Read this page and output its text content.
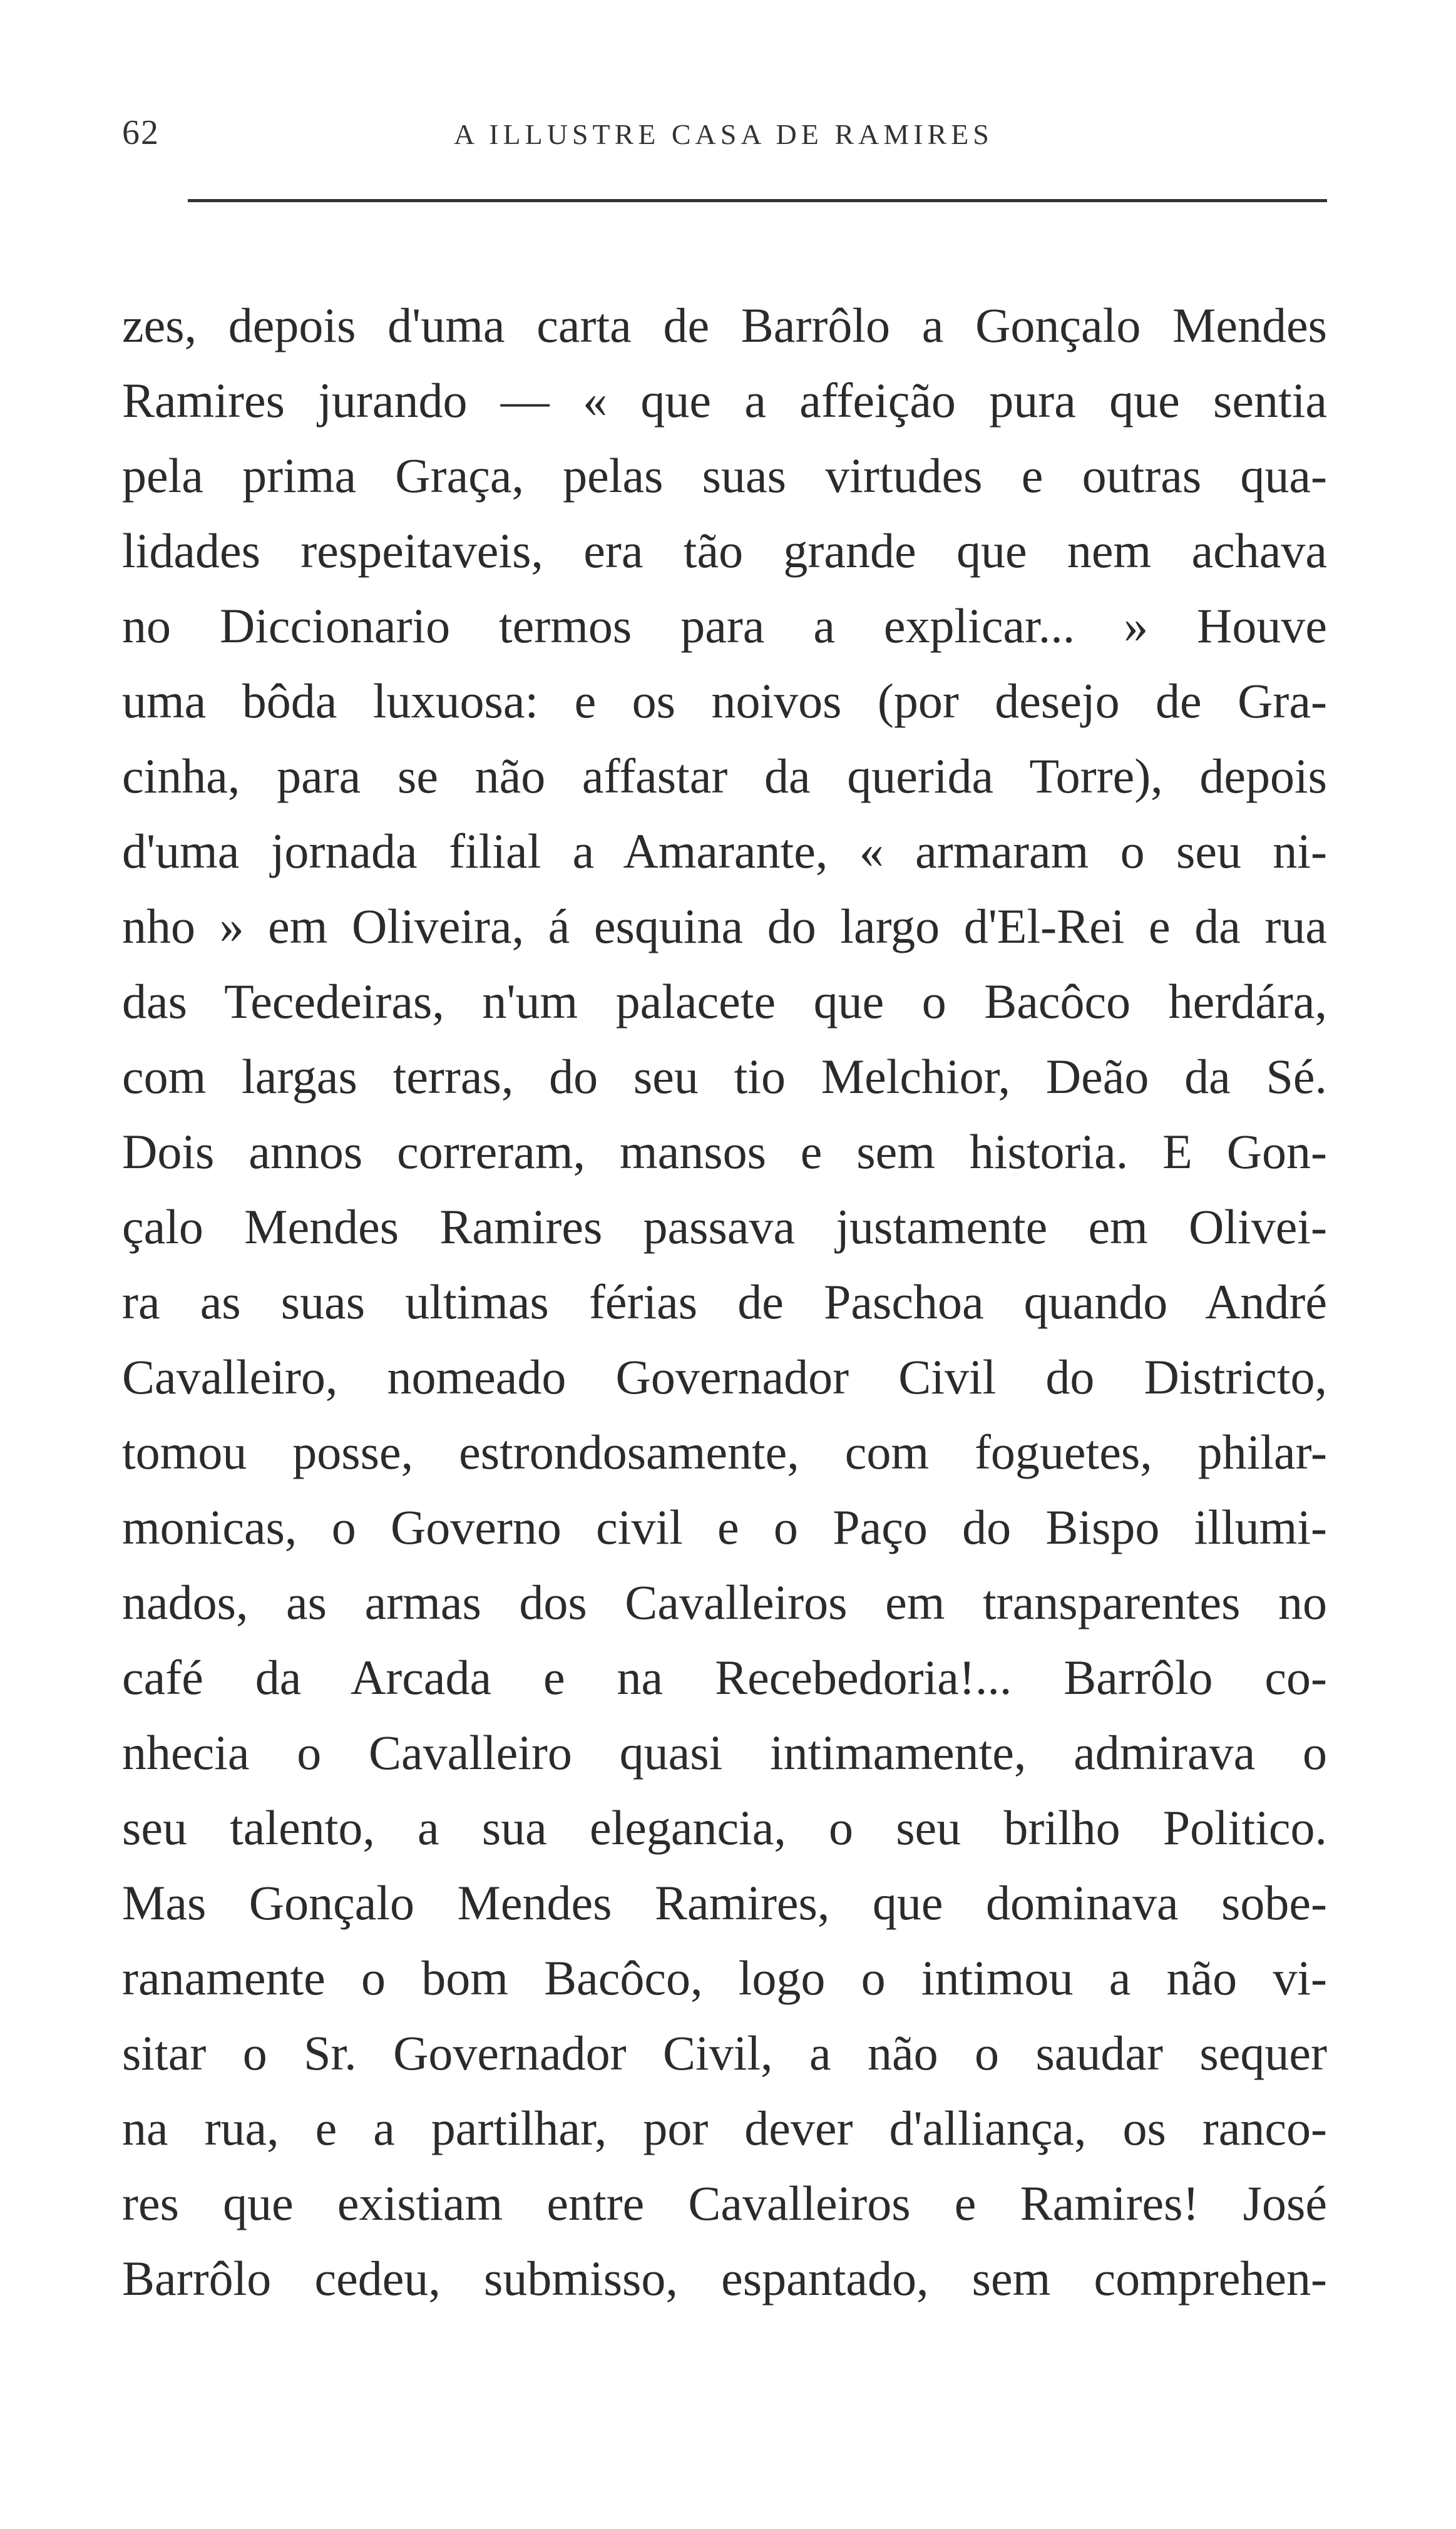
62	A ILLUSTRE CASA DE RAMIRES
zes, depois d'uma carta de Barrôlo a Gonçalo Mendes
Ramires jurando — « que a affeição pura que sentia
pela prima Graça, pelas suas virtudes e outras qua-
lidades respeitaveis, era tão grande que nem achava
no Diccionario termos para a explicar... » Houve
uma bôda luxuosa: e os noivos (por desejo de Gra-
cinha, para se não affastar da querida Torre), depois
d'uma jornada filial a Amarante, « armaram o seu ni-
nho » em Oliveira, á esquina do largo d'El-Rei e da rua
das Tecedeiras, n'um palacete que o Bacôco herdára,
com largas terras, do seu tio Melchior, Deão da Sé.
Dois annos correram, mansos e sem historia. E Gon-
çalo Mendes Ramires passava justamente em Olivei-
ra as suas ultimas férias de Paschoa quando André
Cavalleiro, nomeado Governador Civil do Districto,
tomou posse, estrondosamente, com foguetes, philar-
monicas, o Governo civil e o Paço do Bispo illumi-
nados, as armas dos Cavalleiros em transparentes no
café da Arcada e na Recebedoria!... Barrôlo co-
nhecia o Cavalleiro quasi intimamente, admirava o
seu talento, a sua elegancia, o seu brilho Politico.
Mas Gonçalo Mendes Ramires, que dominava sobe-
ranamente o bom Bacôco, logo o intimou a não vi-
sitar o Sr. Governador Civil, a não o saudar sequer
na rua, e a partilhar, por dever d'alliança, os ranco-
res que existiam entre Cavalleiros e Ramires! José
Barrôlo cedeu, submisso, espantado, sem comprehen-
